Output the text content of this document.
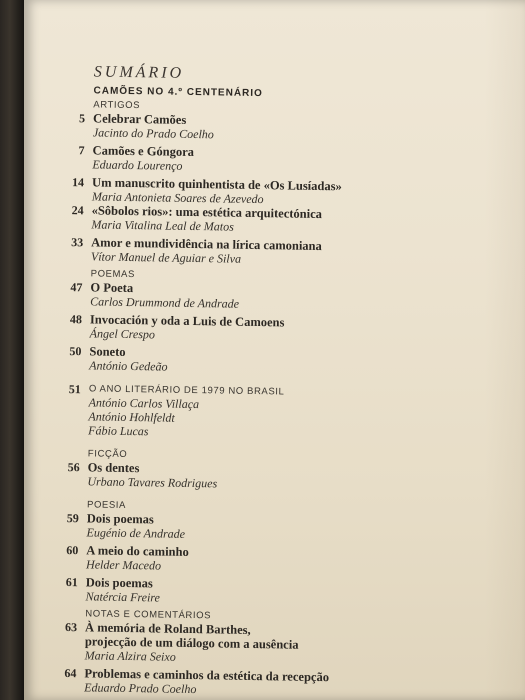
SUMÁRIO
CAMÕES NO 4.º CENTENÁRIO
ARTIGOS
5 Celebrar Camões
Jacinto do Prado Coelho
7 Camões e Góngora
Eduardo Lourenço
14 Um manuscrito quinhentista de «Os Lusíadas»
Maria Antonieta Soares de Azevedo
24 «Sôbolos rios»: uma estética arquitectónica
Maria Vitalina Leal de Matos
33 Amor e mundividência na lírica camoniana
Vítor Manuel de Aguiar e Silva
POEMAS
47 O Poeta
Carlos Drummond de Andrade
48 Invocación y oda a Luis de Camoens
Ángel Crespo
50 Soneto
António Gedeão
51 O ANO LITERÁRIO DE 1979 NO BRASIL
António Carlos Villaça
António Hohlfeldt
Fábio Lucas
FICÇÃO
56 Os dentes
Urbano Tavares Rodrigues
POESIA
59 Dois poemas
Eugénio de Andrade
60 A meio do caminho
Helder Macedo
61 Dois poemas
Natércia Freire
NOTAS E COMENTÁRIOS
63 À memória de Roland Barthes,
projecção de um diálogo com a ausência
Maria Alzira Seixo
64 Problemas e caminhos da estética da recepção
Eduardo Prado Coelho
